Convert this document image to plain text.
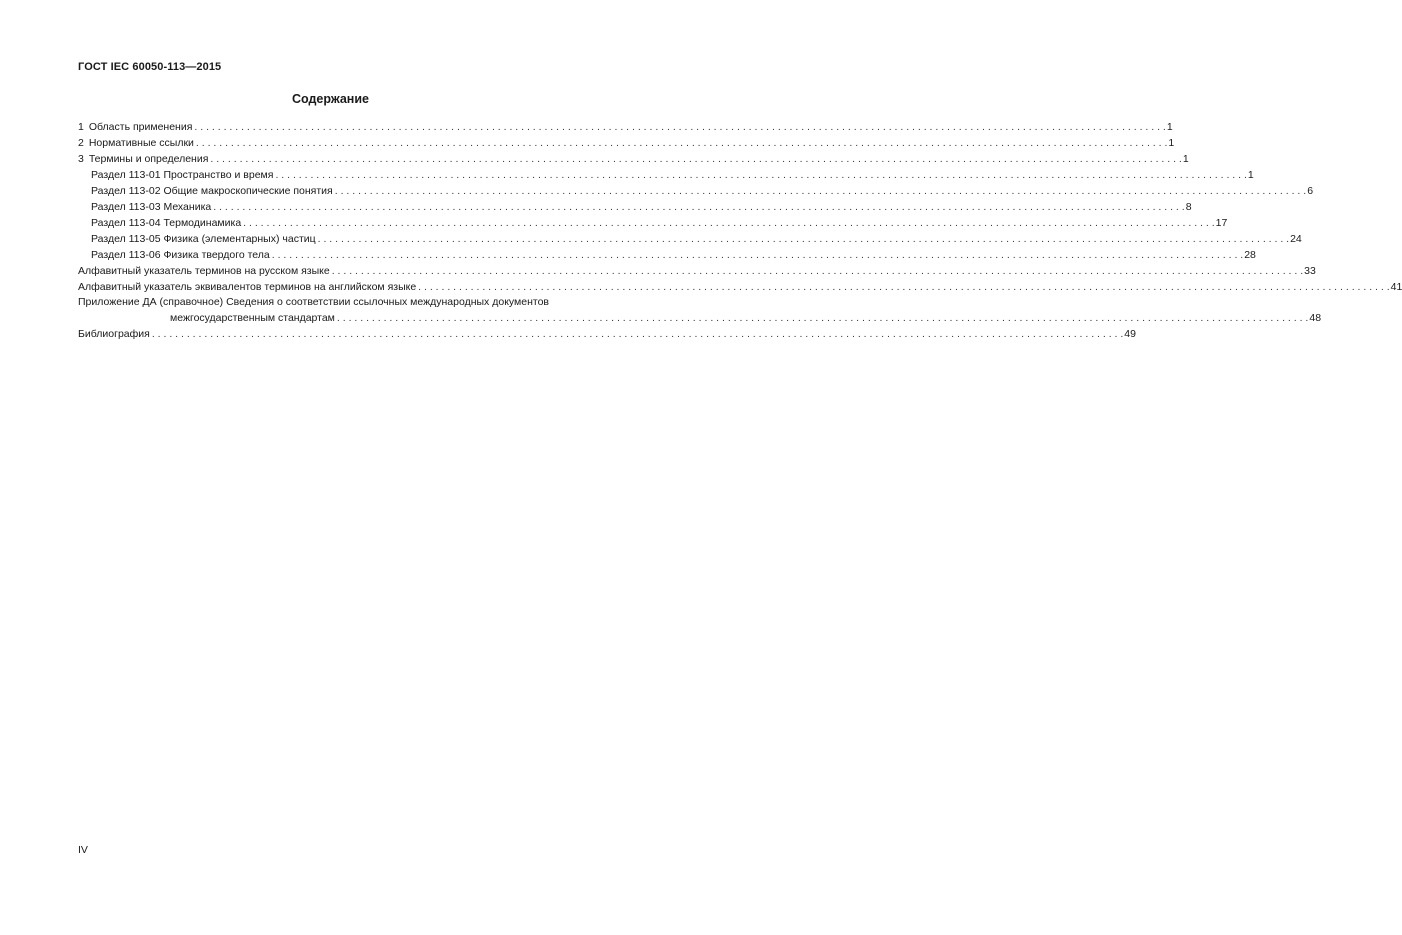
ГОСТ IEC 60050-113—2015
Содержание
1 Область применения . . .	1
2 Нормативные ссылки . . .	1
3 Термины и определения . . .	1
Раздел 113-01 Пространство и время . . .	1
Раздел 113-02 Общие макроскопические понятия . . .	6
Раздел 113-03 Механика . . .	8
Раздел 113-04 Термодинамика . . .	17
Раздел 113-05 Физика (элементарных) частиц . . .	24
Раздел 113-06 Физика твердого тела . . .	28
Алфавитный указатель терминов на русском языке . . .	33
Алфавитный указатель эквивалентов терминов на английском языке . . .	41
Приложение ДА (справочное) Сведения о соответствии ссылочных международных документов
межгосударственным стандартам . . .	48
Библиография . . .	49
IV
